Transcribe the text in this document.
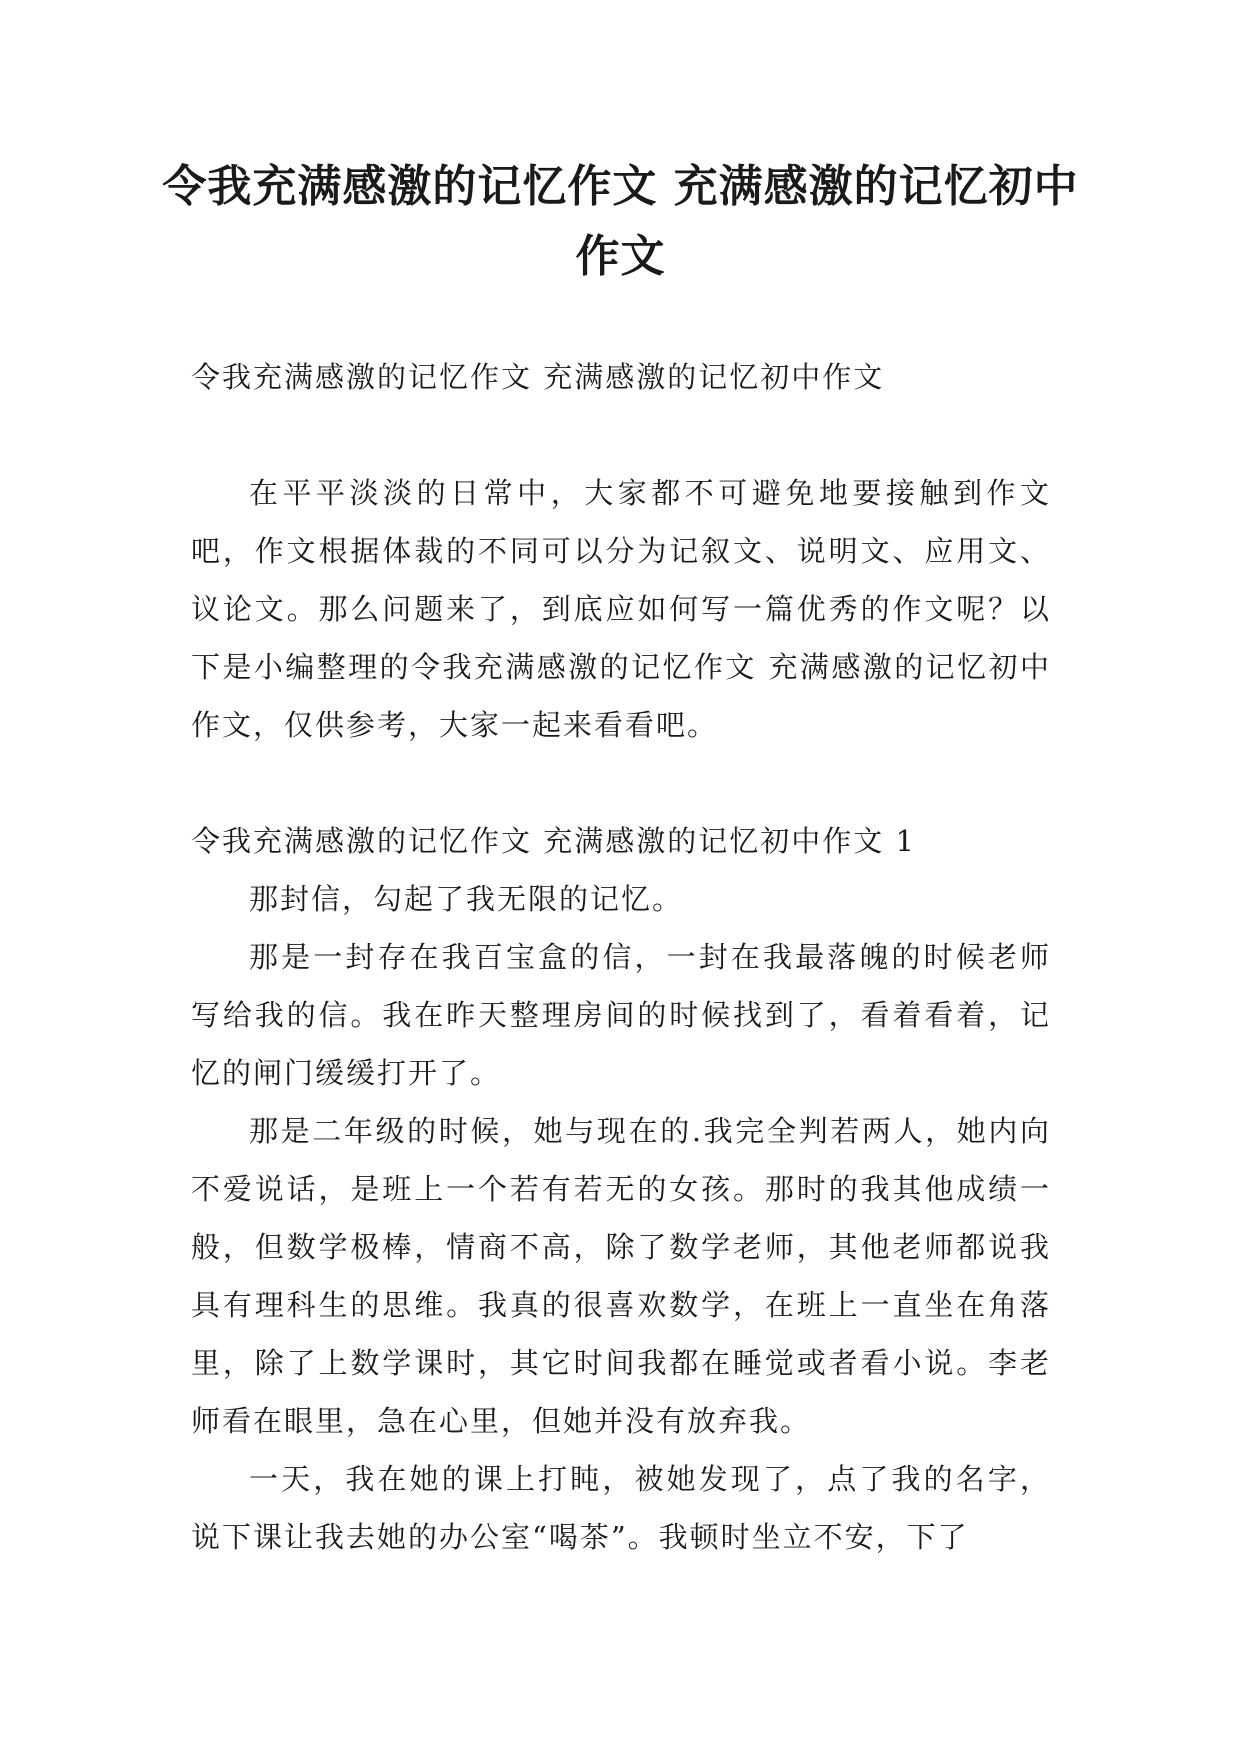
令我充满感激的记忆作文 充满感激的记忆初中作文

令我充满感激的记忆作文 充满感激的记忆初中作文

在平平淡淡的日常中，大家都不可避免地要接触到作文吧，作文根据体裁的不同可以分为记叙文、说明文、应用文、议论文。那么问题来了，到底应如何写一篇优秀的作文呢？以下是小编整理的令我充满感激的记忆作文 充满感激的记忆初中作文，仅供参考，大家一起来看看吧。

令我充满感激的记忆作文 充满感激的记忆初中作文 1

那封信，勾起了我无限的记忆。

那是一封存在我百宝盒的信，一封在我最落魄的时候老师写给我的信。我在昨天整理房间的时候找到了，看着看着，记忆的闸门缓缓打开了。

那是二年级的时候，她与现在的.我完全判若两人，她内向不爱说话，是班上一个若有若无的女孩。那时的我其他成绩一般，但数学极棒，情商不高，除了数学老师，其他老师都说我具有理科生的思维。我真的很喜欢数学，在班上一直坐在角落里，除了上数学课时，其它时间我都在睡觉或者看小说。李老师看在眼里，急在心里，但她并没有放弃我。

一天，我在她的课上打盹，被她发现了，点了我的名字，说下课让我去她的办公室“喝茶”。我顿时坐立不安，下了
